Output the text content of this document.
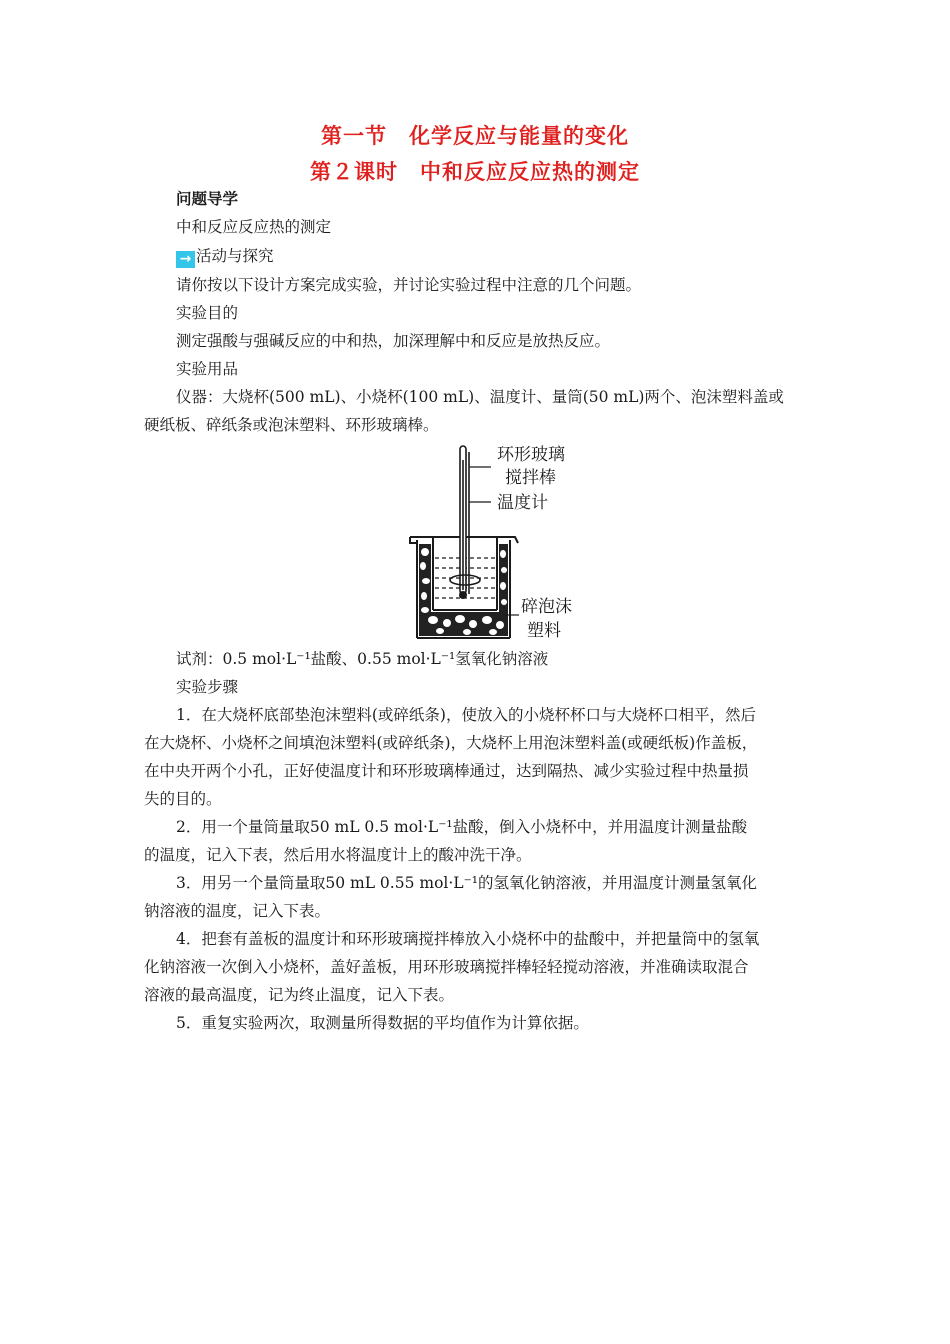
第一节　化学反应与能量的变化
第２课时　中和反应反应热的测定
问题导学
中和反应反应热的测定
→ 活动与探究
请你按以下设计方案完成实验，并讨论实验过程中注意的几个问题。
实验目的
测定强酸与强碱反应的中和热，加深理解中和反应是放热反应。
实验用品
仪器：大烧杯(500 mL)、小烧杯(100 mL)、温度计、量筒(50 mL)两个、泡沫塑料盖或
硬纸板、碎纸条或泡沫塑料、环形玻璃棒。
环形玻璃
搅拌棒
温度计
碎泡沫
塑料
试剂：0.5 mol·L⁻¹盐酸、0.55 mol·L⁻¹氢氧化钠溶液
实验步骤
1．在大烧杯底部垫泡沫塑料(或碎纸条)，使放入的小烧杯杯口与大烧杯口相平，然后
在大烧杯、小烧杯之间填泡沫塑料(或碎纸条)，大烧杯上用泡沫塑料盖(或硬纸板)作盖板，
在中央开两个小孔，正好使温度计和环形玻璃棒通过，达到隔热、减少实验过程中热量损
失的目的。
2．用一个量筒量取50 mL 0.5 mol·L⁻¹盐酸，倒入小烧杯中，并用温度计测量盐酸
的温度，记入下表，然后用水将温度计上的酸冲洗干净。
3．用另一个量筒量取50 mL 0.55 mol·L⁻¹的氢氧化钠溶液，并用温度计测量氢氧化
钠溶液的温度，记入下表。
4．把套有盖板的温度计和环形玻璃搅拌棒放入小烧杯中的盐酸中，并把量筒中的氢氧
化钠溶液一次倒入小烧杯，盖好盖板，用环形玻璃搅拌棒轻轻搅动溶液，并准确读取混合
溶液的最高温度，记为终止温度，记入下表。
5．重复实验两次，取测量所得数据的平均值作为计算依据。
